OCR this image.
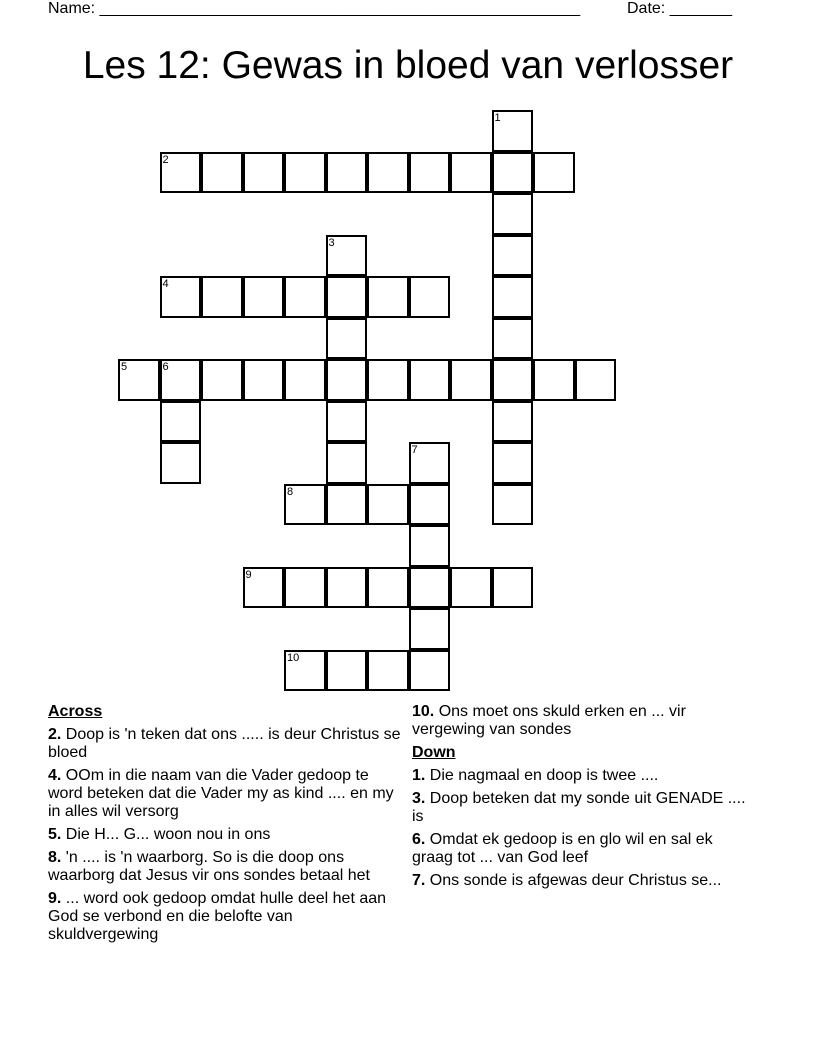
Name: ______________________________________________________	Date: _______
Les 12: Gewas in bloed van verlosser
1
2
3
4
5	6
7
8
9
10
Across
2. Doop is 'n teken dat ons ..... is deur Christus se bloed
4. OOm in die naam van die Vader gedoop te word beteken dat die Vader my as kind .... en my in alles wil versorg
5. Die H... G... woon nou in ons
8. 'n .... is 'n waarborg. So is die doop ons waarborg dat Jesus vir ons sondes betaal het
9. ... word ook gedoop omdat hulle deel het aan God se verbond en die belofte van skuldvergewing
10. Ons moet ons skuld erken en ... vir vergewing van sondes
Down
1. Die nagmaal en doop is twee ....
3. Doop beteken dat my sonde uit GENADE .... is
6. Omdat ek gedoop is en glo wil en sal ek graag tot ... van God leef
7. Ons sonde is afgewas deur Christus se...
